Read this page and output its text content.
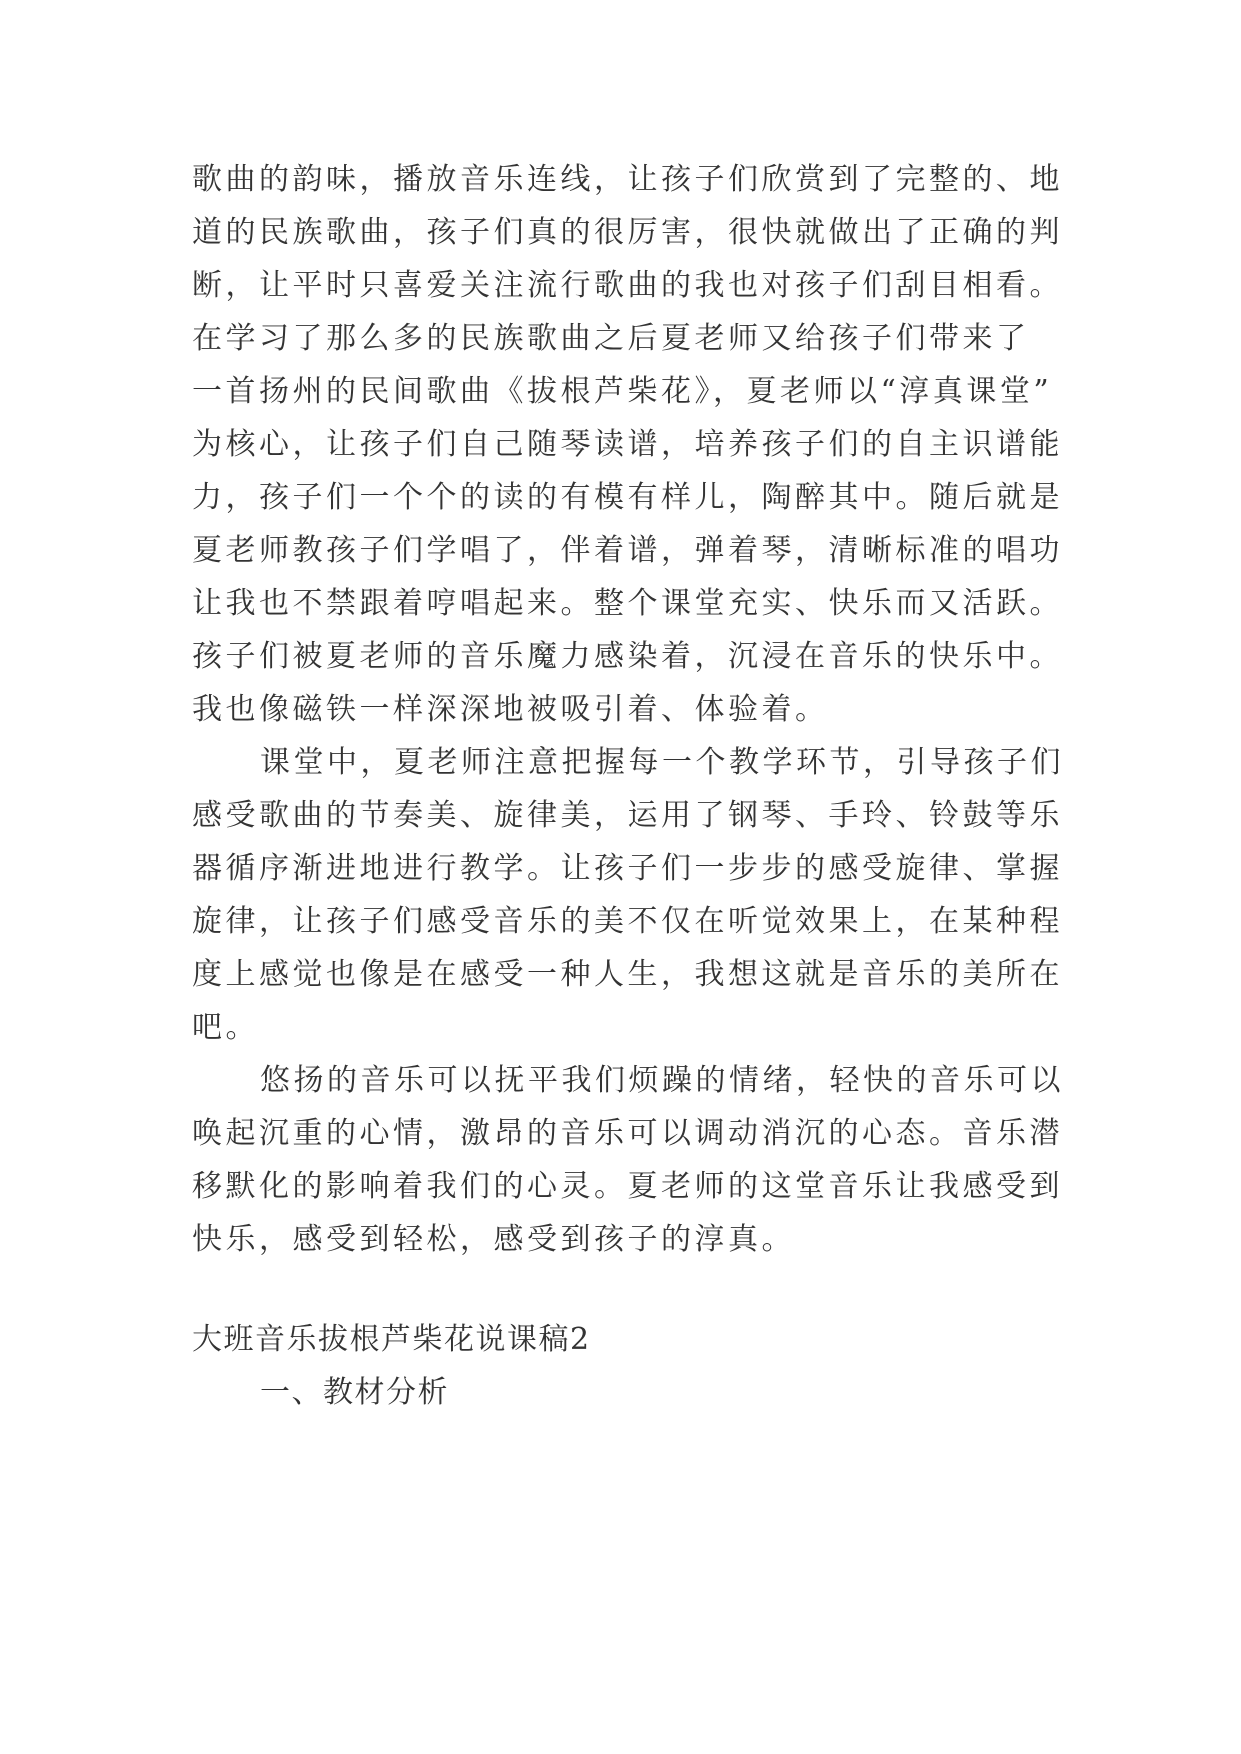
歌曲的韵味，播放音乐连线，让孩子们欣赏到了完整的、地
道的民族歌曲，孩子们真的很厉害，很快就做出了正确的判
断，让平时只喜爱关注流行歌曲的我也对孩子们刮目相看。
在学习了那么多的民族歌曲之后夏老师又给孩子们带来了
一首扬州的民间歌曲《拔根芦柴花》，夏老师以“淳真课堂”
为核心，让孩子们自己随琴读谱，培养孩子们的自主识谱能
力，孩子们一个个的读的有模有样儿，陶醉其中。随后就是
夏老师教孩子们学唱了，伴着谱，弹着琴，清晰标准的唱功
让我也不禁跟着哼唱起来。整个课堂充实、快乐而又活跃。
孩子们被夏老师的音乐魔力感染着，沉浸在音乐的快乐中。
我也像磁铁一样深深地被吸引着、体验着。
课堂中，夏老师注意把握每一个教学环节，引导孩子们
感受歌曲的节奏美、旋律美，运用了钢琴、手玲、铃鼓等乐
器循序渐进地进行教学。让孩子们一步步的感受旋律、掌握
旋律，让孩子们感受音乐的美不仅在听觉效果上，在某种程
度上感觉也像是在感受一种人生，我想这就是音乐的美所在
吧。
悠扬的音乐可以抚平我们烦躁的情绪，轻快的音乐可以
唤起沉重的心情，激昂的音乐可以调动消沉的心态。音乐潜
移默化的影响着我们的心灵。夏老师的这堂音乐让我感受到
快乐，感受到轻松，感受到孩子的淳真。
大班音乐拔根芦柴花说课稿2
一、教材分析
